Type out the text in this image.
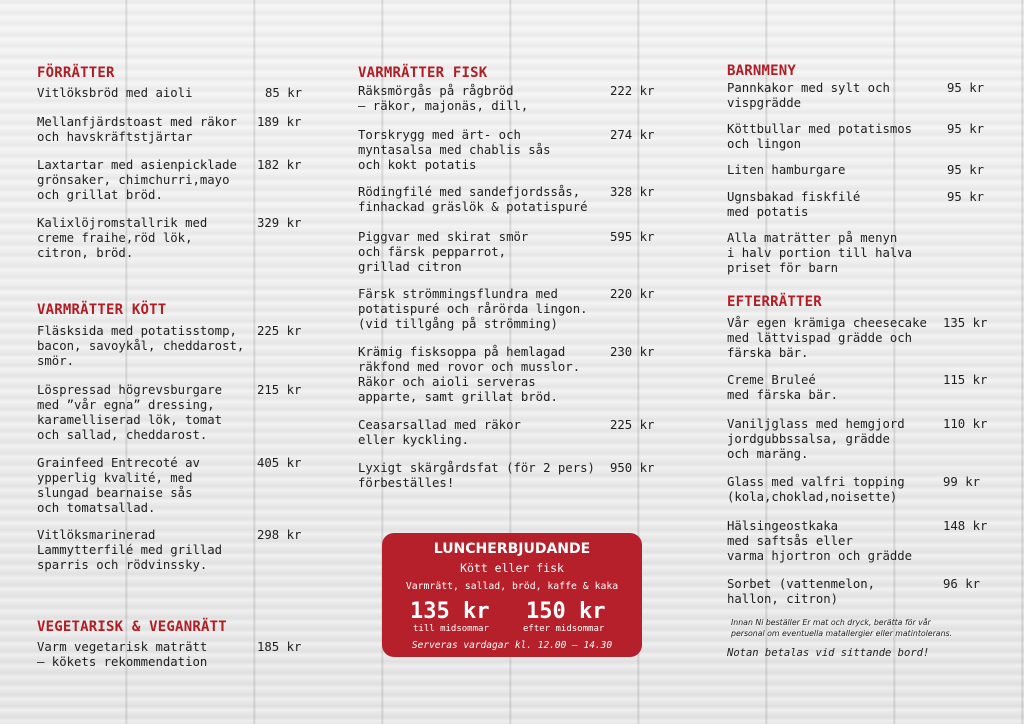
FÖRRÄTTER
Vitlöksbröd med aioli	85 kr
Mellanfjärdstoast med räkor
och havskräftstjärtar
189 kr
Laxtartar med asienpicklade
grönsaker, chimchurri,mayo
och grillat bröd.
182 kr
Kalixlöjromstallrik med
creme fraihe,röd lök,
citron, bröd.
329 kr
VARMRÄTTER KÖTT
Fläsksida med potatisstomp,
bacon, savoykål, cheddarost,
smör.
225 kr
Löspressad högrevsburgare
med ”vår egna” dressing,
karamelliserad lök, tomat
och sallad, cheddarost.
215 kr
Grainfeed Entrecoté av
ypperlig kvalité, med
slungad bearnaise sås
och tomatsallad.
405 kr
Vitlöksmarinerad
Lammytterfilé med grillad
sparris och rödvinssky.
298 kr
VEGETARISK & VEGANRÄTT
Varm vegetarisk maträtt
– kökets rekommendation
185 kr
VARMRÄTTER FISK
Räksmörgås på rågbröd
– räkor, majonäs, dill,
222 kr
Torskrygg med ärt- och
myntasalsa med chablis sås
och kokt potatis
274 kr
Rödingfilé med sandefjordssås,
finhackad gräslök & potatispuré
328 kr
Piggvar med skirat smör
och färsk pepparrot,
grillad citron
595 kr
Färsk strömmingsflundra med
potatispuré och rårörda lingon.
(vid tillgång på strömming)
220 kr
Krämig fisksoppa på hemlagad
räkfond med rovor och musslor.
Räkor och aioli serveras
apparte, samt grillat bröd.
230 kr
Ceasarsallad med räkor
eller kyckling.
225 kr
Lyxigt skärgårdsfat (för 2 pers)
förbeställes!
950 kr
LUNCHERBJUDANDE
Kött eller fisk
Varmrätt, sallad, bröd, kaffe & kaka
135 kr
till midsommar
150 kr
efter midsommar
Serveras vardagar kl. 12.00 – 14.30
BARNMENY
Pannkakor med sylt och
vispgrädde
95 kr
Köttbullar med potatismos
och lingon
95 kr
Liten hamburgare	95 kr
Ugnsbakad fiskfilé
med potatis
95 kr
Alla maträtter på menyn
i halv portion till halva
priset för barn
EFTERRÄTTER
Vår egen krämiga cheesecake
med lättvispad grädde och
färska bär.
135 kr
Creme Bruleé
med färska bär.
115 kr
Vaniljglass med hemgjord
jordgubbssalsa, grädde
och maräng.
110 kr
Glass med valfri topping
(kola,choklad,noisette)
99 kr
Hälsingeostkaka
med saftsås eller
varma hjortron och grädde
148 kr
Sorbet (vattenmelon,
hallon, citron)
96 kr
Innan Ni beställer Er mat och dryck, berätta för vår
personal om eventuella matallergier eller matintolerans.
Notan betalas vid sittande bord!
